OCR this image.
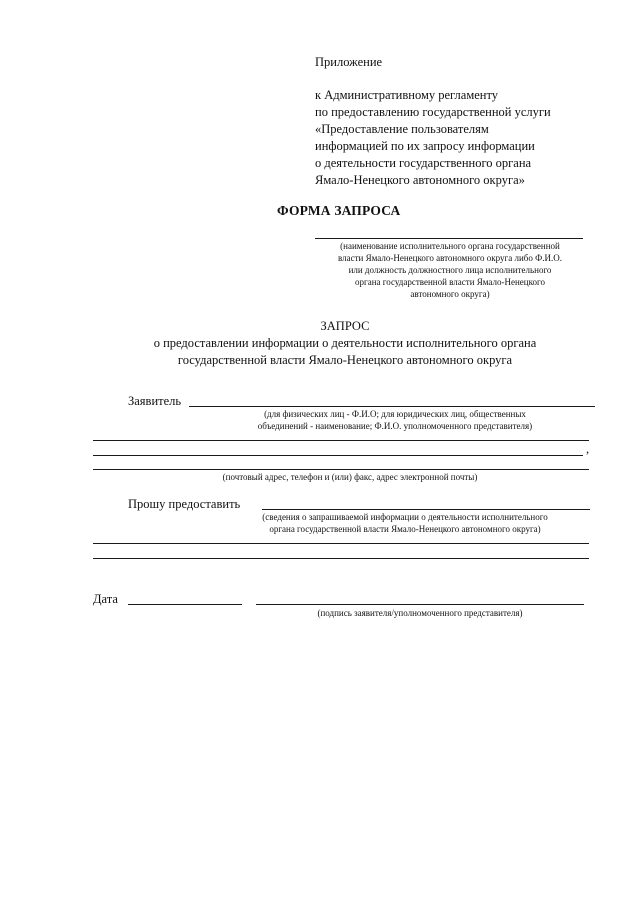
Приложение
к Административному регламенту
по предоставлению государственной услуги
«Предоставление пользователям
информацией по их запросу информации
о деятельности государственного органа
Ямало-Ненецкого автономного округа»
ФОРМА ЗАПРОСА
(наименование исполнительного органа государственной
власти Ямало-Ненецкого автономного округа либо Ф.И.О.
или должность должностного лица исполнительного
органа государственной власти Ямало-Ненецкого
автономного округа)
ЗАПРОС
о предоставлении информации о деятельности исполнительного органа
государственной власти Ямало-Ненецкого автономного округа
Заявитель
(для физических лиц - Ф.И.О; для юридических лиц, общественных
объединений - наименование; Ф.И.О. уполномоченного представителя)
,
(почтовый адрес, телефон и (или) факс, адрес электронной почты)
Прошу предоставить
(сведения о запрашиваемой информации о деятельности исполнительного
органа государственной власти Ямало-Ненецкого автономного округа)
Дата
(подпись заявителя/уполномоченного представителя)
